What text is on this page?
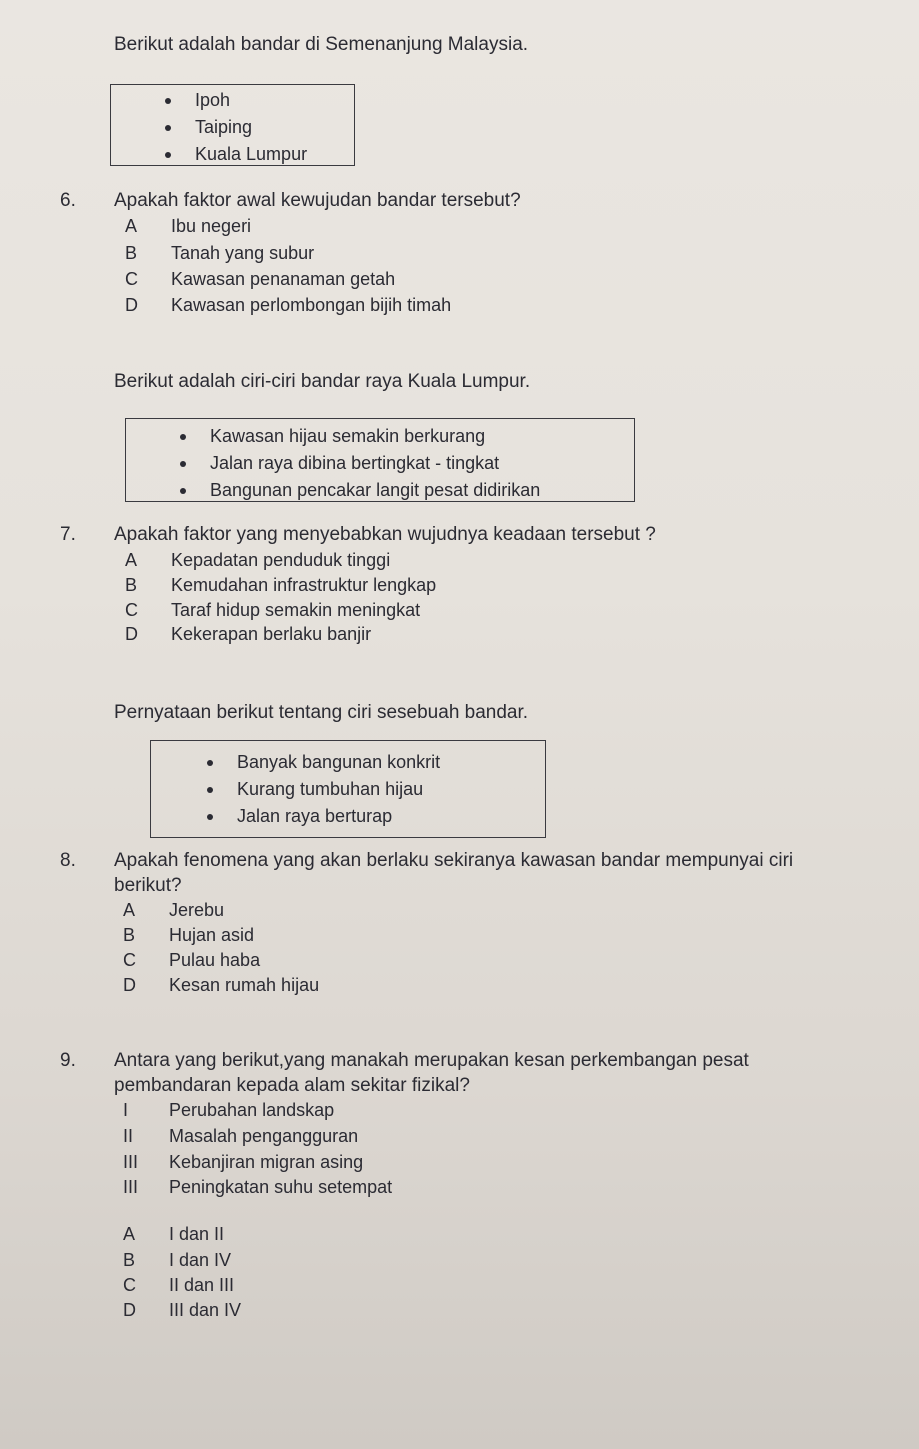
Berikut adalah bandar di Semenanjung Malaysia.
Ipoh
Taiping
Kuala Lumpur
6. Apakah faktor awal kewujudan bandar tersebut?
A Ibu negeri
B Tanah yang subur
C Kawasan penanaman getah
D Kawasan perlombongan bijih timah
Berikut adalah ciri-ciri bandar raya Kuala Lumpur.
Kawasan hijau semakin berkurang
Jalan raya dibina bertingkat - tingkat
Bangunan pencakar langit pesat didirikan
7. Apakah faktor yang menyebabkan wujudnya keadaan tersebut ?
A Kepadatan penduduk tinggi
B Kemudahan infrastruktur lengkap
C Taraf hidup semakin meningkat
D Kekerapan berlaku banjir
Pernyataan berikut tentang ciri sesebuah bandar.
Banyak bangunan konkrit
Kurang tumbuhan hijau
Jalan raya berturap
8. Apakah fenomena yang akan berlaku sekiranya kawasan bandar mempunyai ciri
berikut?
A Jerebu
B Hujan asid
C Pulau haba
D Kesan rumah hijau
9. Antara yang berikut,yang manakah merupakan kesan perkembangan pesat
pembandaran kepada alam sekitar fizikal?
I Perubahan landskap
II Masalah pengangguran
III Kebanjiran migran asing
III Peningkatan suhu setempat
A I dan II
B I dan IV
C II dan III
D III dan IV
